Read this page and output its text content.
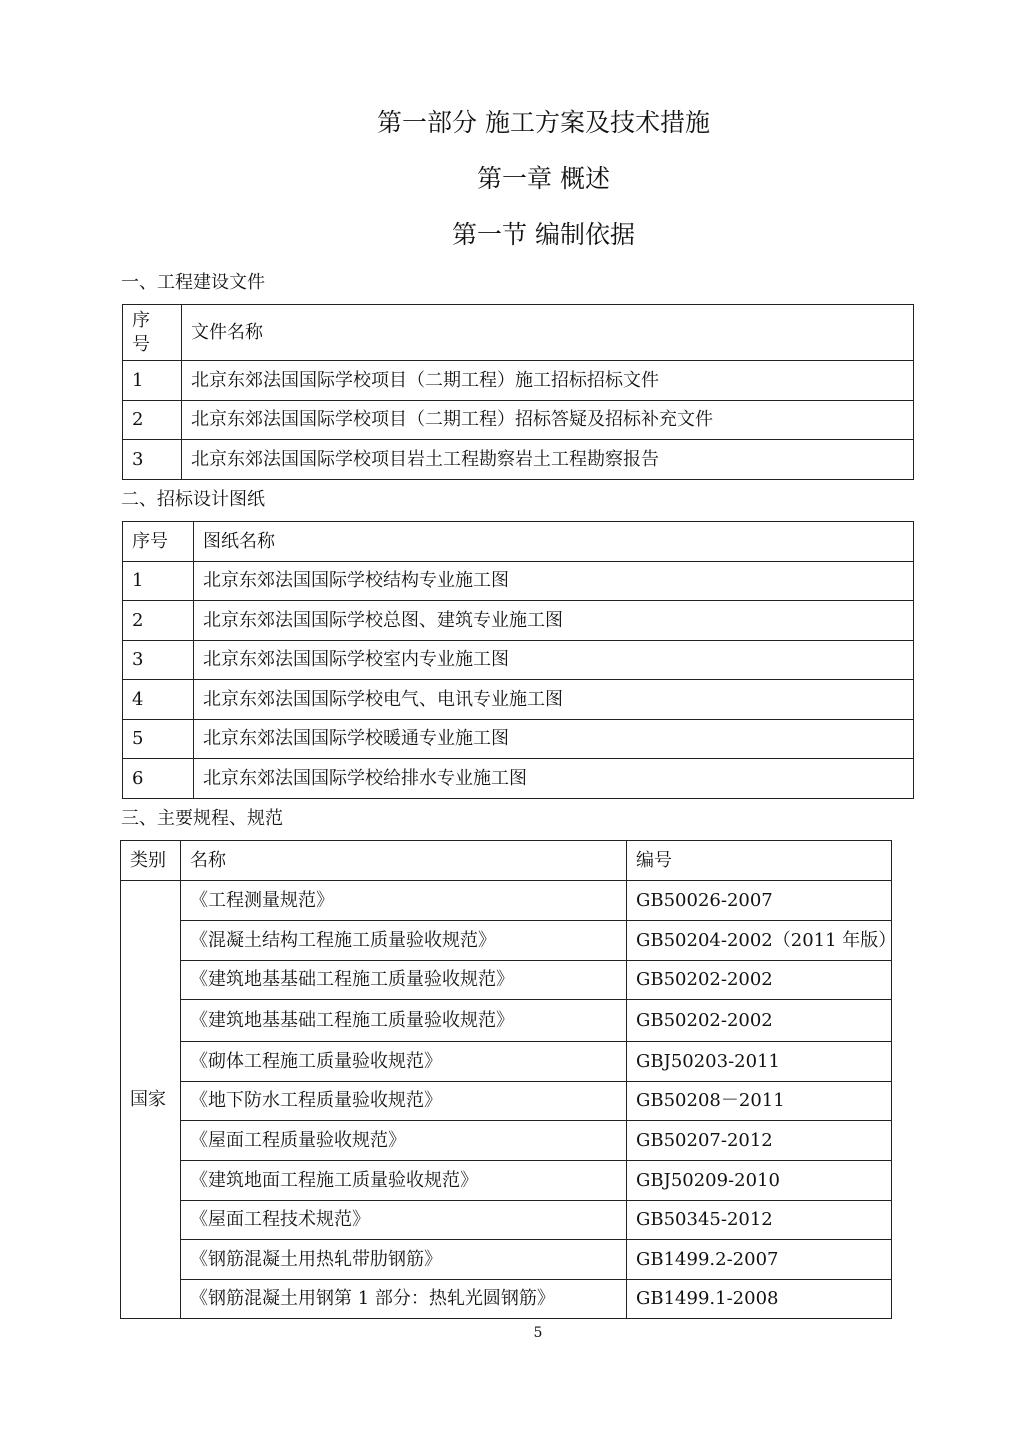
第一部分 施工方案及技术措施
第一章 概述
第一节 编制依据
一、工程建设文件
序
号	文件名称
1	北京东郊法国国际学校项目（二期工程）施工招标招标文件
2	北京东郊法国国际学校项目（二期工程）招标答疑及招标补充文件
3	北京东郊法国国际学校项目岩土工程勘察岩土工程勘察报告
二、招标设计图纸
序号	图纸名称
1	北京东郊法国国际学校结构专业施工图
2	北京东郊法国国际学校总图、建筑专业施工图
3	北京东郊法国国际学校室内专业施工图
4	北京东郊法国国际学校电气、电讯专业施工图
5	北京东郊法国国际学校暖通专业施工图
6	北京东郊法国国际学校给排水专业施工图
三、主要规程、规范
类别	名称	编号
国家	《工程测量规范》	GB50026-2007
	《混凝土结构工程施工质量验收规范》	GB50204-2002（2011 年版）
	《建筑地基基础工程施工质量验收规范》	GB50202-2002
	《建筑地基基础工程施工质量验收规范》	GB50202-2002
	《砌体工程施工质量验收规范》	GBJ50203-2011
	《地下防水工程质量验收规范》	GB50208－2011
	《屋面工程质量验收规范》	GB50207-2012
	《建筑地面工程施工质量验收规范》	GBJ50209-2010
	《屋面工程技术规范》	GB50345-2012
	《钢筋混凝土用热轧带肋钢筋》	GB1499.2-2007
	《钢筋混凝土用钢第 1 部分：热轧光圆钢筋》	GB1499.1-2008
5
